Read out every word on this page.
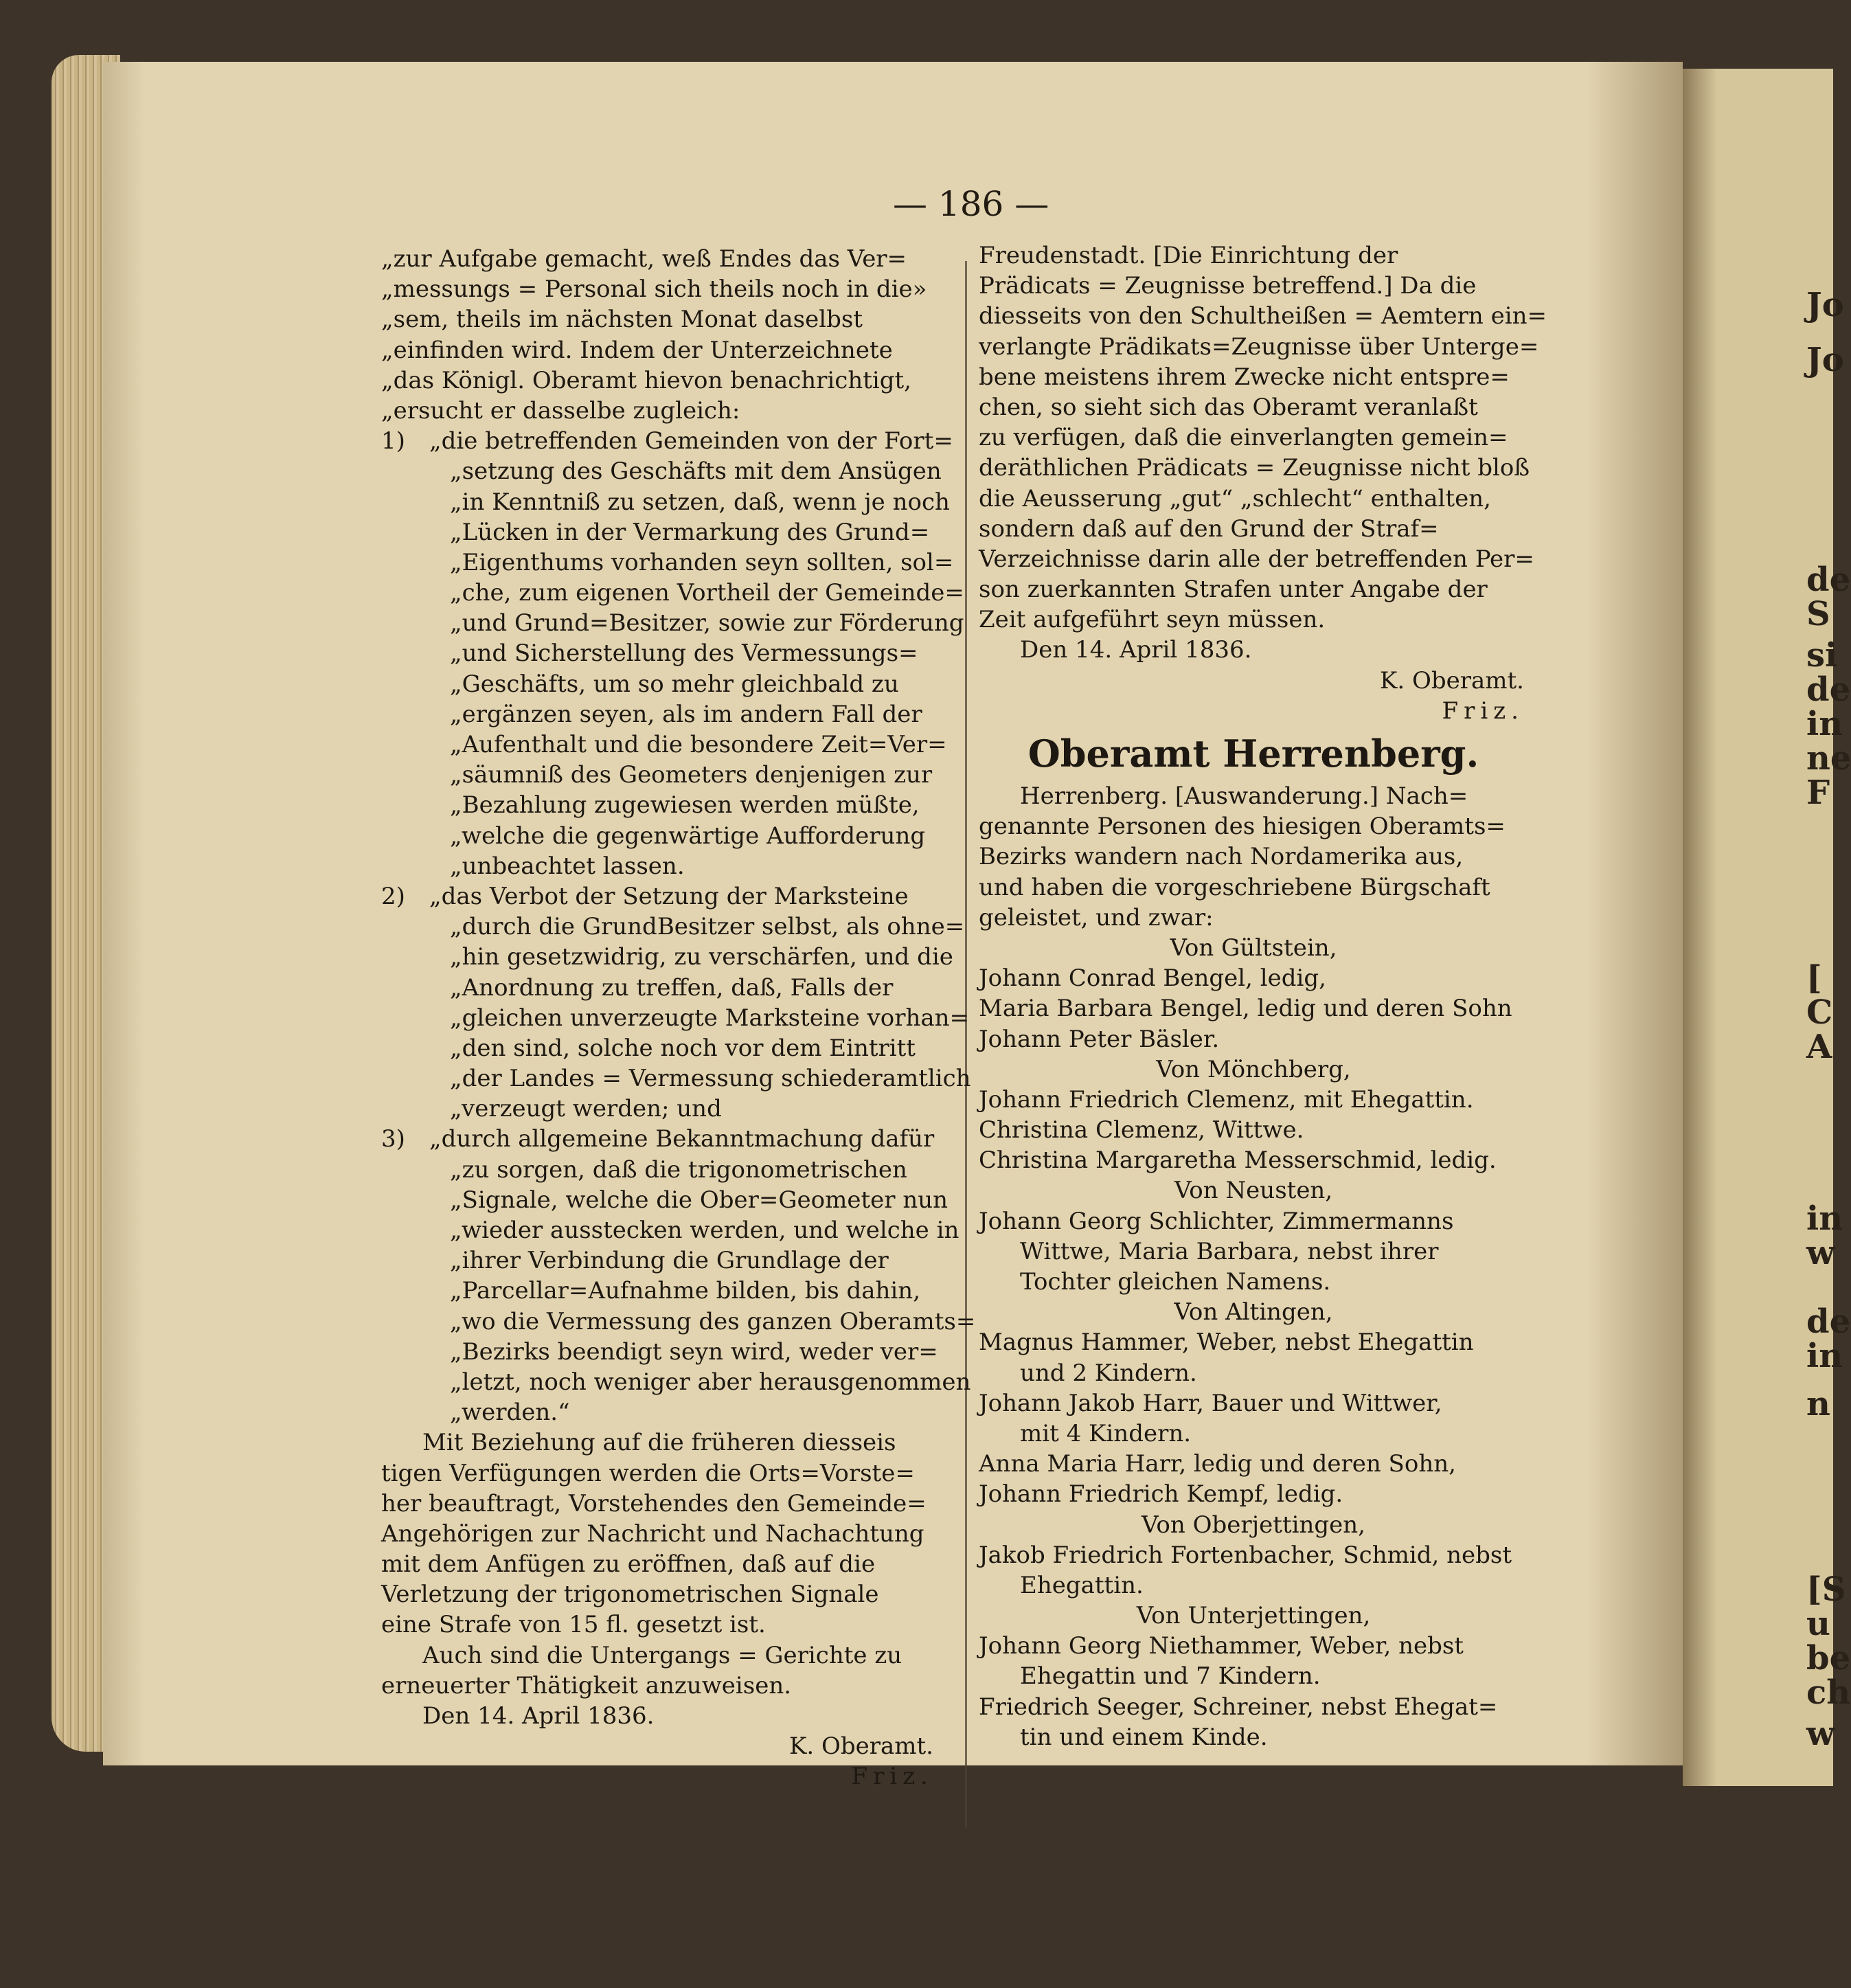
— 186 —
„zur Aufgabe gemacht, weß Endes das Ver=
„messungs = Personal sich theils noch in die»
„sem, theils im nächsten Monat daselbst
„einfinden wird. Indem der Unterzeichnete
„das Königl. Oberamt hievon benachrichtigt,
„ersucht er dasselbe zugleich:
1) „die betreffenden Gemeinden von der Fort=
„setzung des Geschäfts mit dem Ansügen
„in Kenntniß zu setzen, daß, wenn je noch
„Lücken in der Vermarkung des Grund=
„Eigenthums vorhanden seyn sollten, sol=
„che, zum eigenen Vortheil der Gemeinde=
„und Grund=Besitzer, sowie zur Förderung
„und Sicherstellung des Vermessungs=
„Geschäfts, um so mehr gleichbald zu
„ergänzen seyen, als im andern Fall der
„Aufenthalt und die besondere Zeit=Ver=
„säumniß des Geometers denjenigen zur
„Bezahlung zugewiesen werden müßte,
„welche die gegenwärtige Aufforderung
„unbeachtet lassen.
2) „das Verbot der Setzung der Marksteine
„durch die GrundBesitzer selbst, als ohne=
„hin gesetzwidrig, zu verschärfen, und die
„Anordnung zu treffen, daß, Falls der
„gleichen unverzeugte Marksteine vorhan=
„den sind, solche noch vor dem Eintritt
„der Landes = Vermessung schiederamtlich
„verzeugt werden; und
3) „durch allgemeine Bekanntmachung dafür
„zu sorgen, daß die trigonometrischen
„Signale, welche die Ober=Geometer nun
„wieder ausstecken werden, und welche in
„ihrer Verbindung die Grundlage der
„Parcellar=Aufnahme bilden, bis dahin,
„wo die Vermessung des ganzen Oberamts=
„Bezirks beendigt seyn wird, weder ver=
„letzt, noch weniger aber herausgenommen
„werden.“
Mit Beziehung auf die früheren diesseis
tigen Verfügungen werden die Orts=Vorste=
her beauftragt, Vorstehendes den Gemeinde=
Angehörigen zur Nachricht und Nachachtung
mit dem Anfügen zu eröffnen, daß auf die
Verletzung der trigonometrischen Signale
eine Strafe von 15 fl. gesetzt ist.
Auch sind die Untergangs = Gerichte zu
erneuerter Thätigkeit anzuweisen.
Den 14. April 1836.
K. Oberamt.
Friz.
Freudenstadt. [Die Einrichtung der
Prädicats = Zeugnisse betreffend.] Da die
diesseits von den Schultheißen = Aemtern ein=
verlangte Prädikats=Zeugnisse über Unterge=
bene meistens ihrem Zwecke nicht entspre=
chen, so sieht sich das Oberamt veranlaßt
zu verfügen, daß die einverlangten gemein=
deräthlichen Prädicats = Zeugnisse nicht bloß
die Aeusserung „gut“ „schlecht“ enthalten,
sondern daß auf den Grund der Straf=
Verzeichnisse darin alle der betreffenden Per=
son zuerkannten Strafen unter Angabe der
Zeit aufgeführt seyn müssen.
Den 14. April 1836.
K. Oberamt.
Friz.
Oberamt Herrenberg.
Herrenberg. [Auswanderung.] Nach=
genannte Personen des hiesigen Oberamts=
Bezirks wandern nach Nordamerika aus,
und haben die vorgeschriebene Bürgschaft
geleistet, und zwar:
Von Gültstein,
Johann Conrad Bengel, ledig,
Maria Barbara Bengel, ledig und deren Sohn
Johann Peter Bäsler.
Von Mönchberg,
Johann Friedrich Clemenz, mit Ehegattin.
Christina Clemenz, Wittwe.
Christina Margaretha Messerschmid, ledig.
Von Neusten,
Johann Georg Schlichter, Zimmermanns
Wittwe, Maria Barbara, nebst ihrer
Tochter gleichen Namens.
Von Altingen,
Magnus Hammer, Weber, nebst Ehegattin
und 2 Kindern.
Johann Jakob Harr, Bauer und Wittwer,
mit 4 Kindern.
Anna Maria Harr, ledig und deren Sohn,
Johann Friedrich Kempf, ledig.
Von Oberjettingen,
Jakob Friedrich Fortenbacher, Schmid, nebst
Ehegattin.
Von Unterjettingen,
Johann Georg Niethammer, Weber, nebst
Ehegattin und 7 Kindern.
Friedrich Seeger, Schreiner, nebst Ehegat=
tin und einem Kinde.
Jo
Jo
de
S
si
de
in
ne
F
[
C
A
in
w
de
in
n
[S
u
be
ch
w
